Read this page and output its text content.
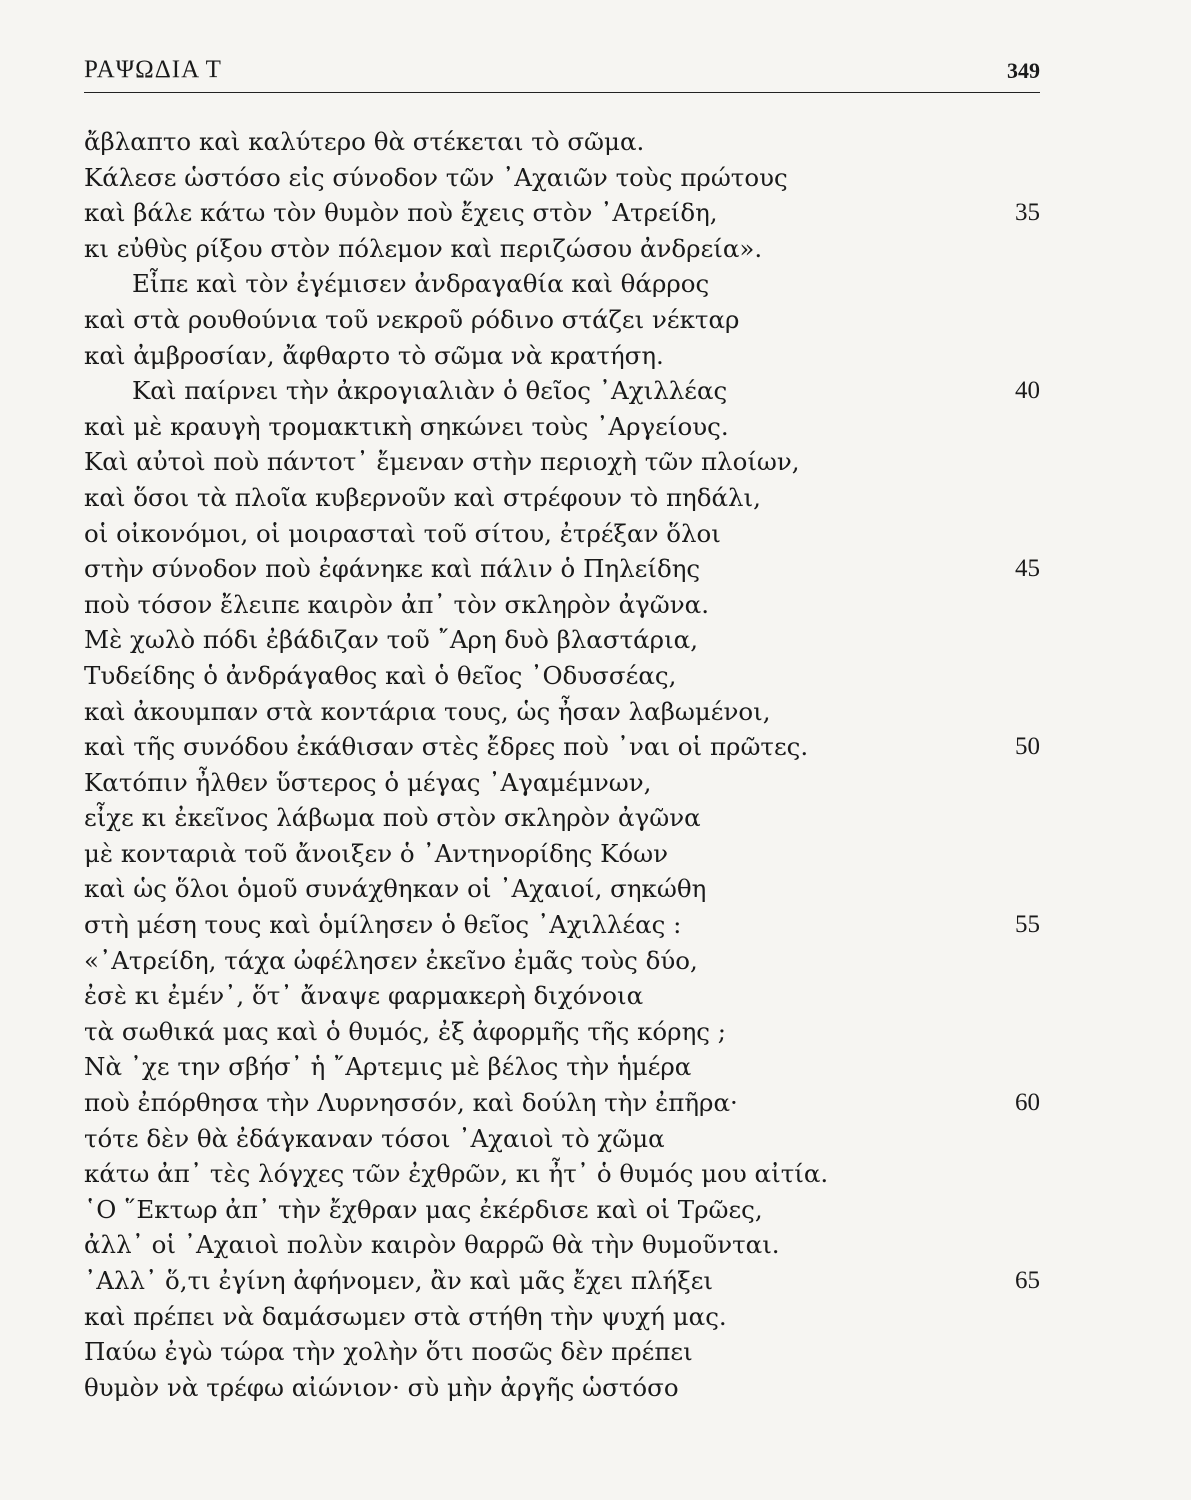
ΡΑΨΩΔΙΑ Τ	349
ἄβλαπτο καὶ καλύτερο θὰ στέκεται τὸ σῶμα.
Κάλεσε ὡστόσο εἰς σύνοδον τῶν ᾿Αχαιῶν τοὺς πρώτους
καὶ βάλε κάτω τὸν θυμὸν ποὺ ἔχεις στὸν ᾿Ατρείδη,	35
κι εὐθὺς ρίξου στὸν πόλεμον καὶ περιζώσου ἀνδρεία».
Εἶπε καὶ τὸν ἐγέμισεν ἀνδραγαθία καὶ θάρρος
καὶ στὰ ρουθούνια τοῦ νεκροῦ ρόδινο στάζει νέκταρ
καὶ ἀμβροσίαν, ἄφθαρτο τὸ σῶμα νὰ κρατήση.
Καὶ παίρνει τὴν ἀκρογιαλιὰν ὁ θεῖος ᾿Αχιλλέας	40
καὶ μὲ κραυγὴ τρομακτικὴ σηκώνει τοὺς ᾿Αργείους.
Καὶ αὐτοὶ ποὺ πάντοτ᾿ ἔμεναν στὴν περιοχὴ τῶν πλοίων,
καὶ ὅσοι τὰ πλοῖα κυβερνοῦν καὶ στρέφουν τὸ πηδάλι,
οἱ οἰκονόμοι, οἱ μοιρασταὶ τοῦ σίτου, ἐτρέξαν ὅλοι
στὴν σύνοδον ποὺ ἐφάνηκε καὶ πάλιν ὁ Πηλείδης	45
ποὺ τόσον ἔλειπε καιρὸν ἀπ᾿ τὸν σκληρὸν ἀγῶνα.
Μὲ χωλὸ πόδι ἐβάδιζαν τοῦ ῎Αρη δυὸ βλαστάρια,
Τυδείδης ὁ ἀνδράγαθος καὶ ὁ θεῖος ᾿Οδυσσέας,
καὶ ἀκουμπαν στὰ κοντάρια τους, ὡς ἦσαν λαβωμένοι,
καὶ τῆς συνόδου ἐκάθισαν στὲς ἔδρες ποὺ ᾿ναι οἱ πρῶτες.	50
Κατόπιν ἦλθεν ὕστερος ὁ μέγας ᾿Αγαμέμνων,
εἶχε κι ἐκεῖνος λάβωμα ποὺ στὸν σκληρὸν ἀγῶνα
μὲ κονταριὰ τοῦ ἄνοιξεν ὁ ᾿Αντηνορίδης Κόων
καὶ ὡς ὅλοι ὁμοῦ συνάχθηκαν οἱ ᾿Αχαιοί, σηκώθη
στὴ μέση τους καὶ ὁμίλησεν ὁ θεῖος ᾿Αχιλλέας :	55
«᾿Ατρείδη, τάχα ὠφέλησεν ἐκεῖνο ἐμᾶς τοὺς δύο,
ἐσὲ κι ἐμέν᾿, ὅτ᾿ ἄναψε φαρμακερὴ διχόνοια
τὰ σωθικά μας καὶ ὁ θυμός, ἐξ ἀφορμῆς τῆς κόρης ;
Νὰ ᾿χε την σβήσ᾿ ἡ ῎Αρτεμις μὲ βέλος τὴν ἡμέρα
ποὺ ἐπόρθησα τὴν Λυρνησσόν, καὶ δούλη τὴν ἐπῆρα·	60
τότε δὲν θὰ ἐδάγκαναν τόσοι ᾿Αχαιοὶ τὸ χῶμα
κάτω ἀπ᾿ τὲς λόγχες τῶν ἐχθρῶν, κι ἦτ᾿ ὁ θυμός μου αἰτία.
῾Ο ῞Εκτωρ ἀπ᾿ τὴν ἔχθραν μας ἐκέρδισε καὶ οἱ Τρῶες,
ἀλλ᾿ οἱ ᾿Αχαιοὶ πολὺν καιρὸν θαρρῶ θὰ τὴν θυμοῦνται.
᾿Αλλ᾿ ὅ,τι ἐγίνη ἀφήνομεν, ἂν καὶ μᾶς ἔχει πλήξει	65
καὶ πρέπει νὰ δαμάσωμεν στὰ στήθη τὴν ψυχή μας.
Παύω ἐγὼ τώρα τὴν χολὴν ὅτι ποσῶς δὲν πρέπει
θυμὸν νὰ τρέφω αἰώνιον· σὺ μὴν ἀργῆς ὡστόσο
